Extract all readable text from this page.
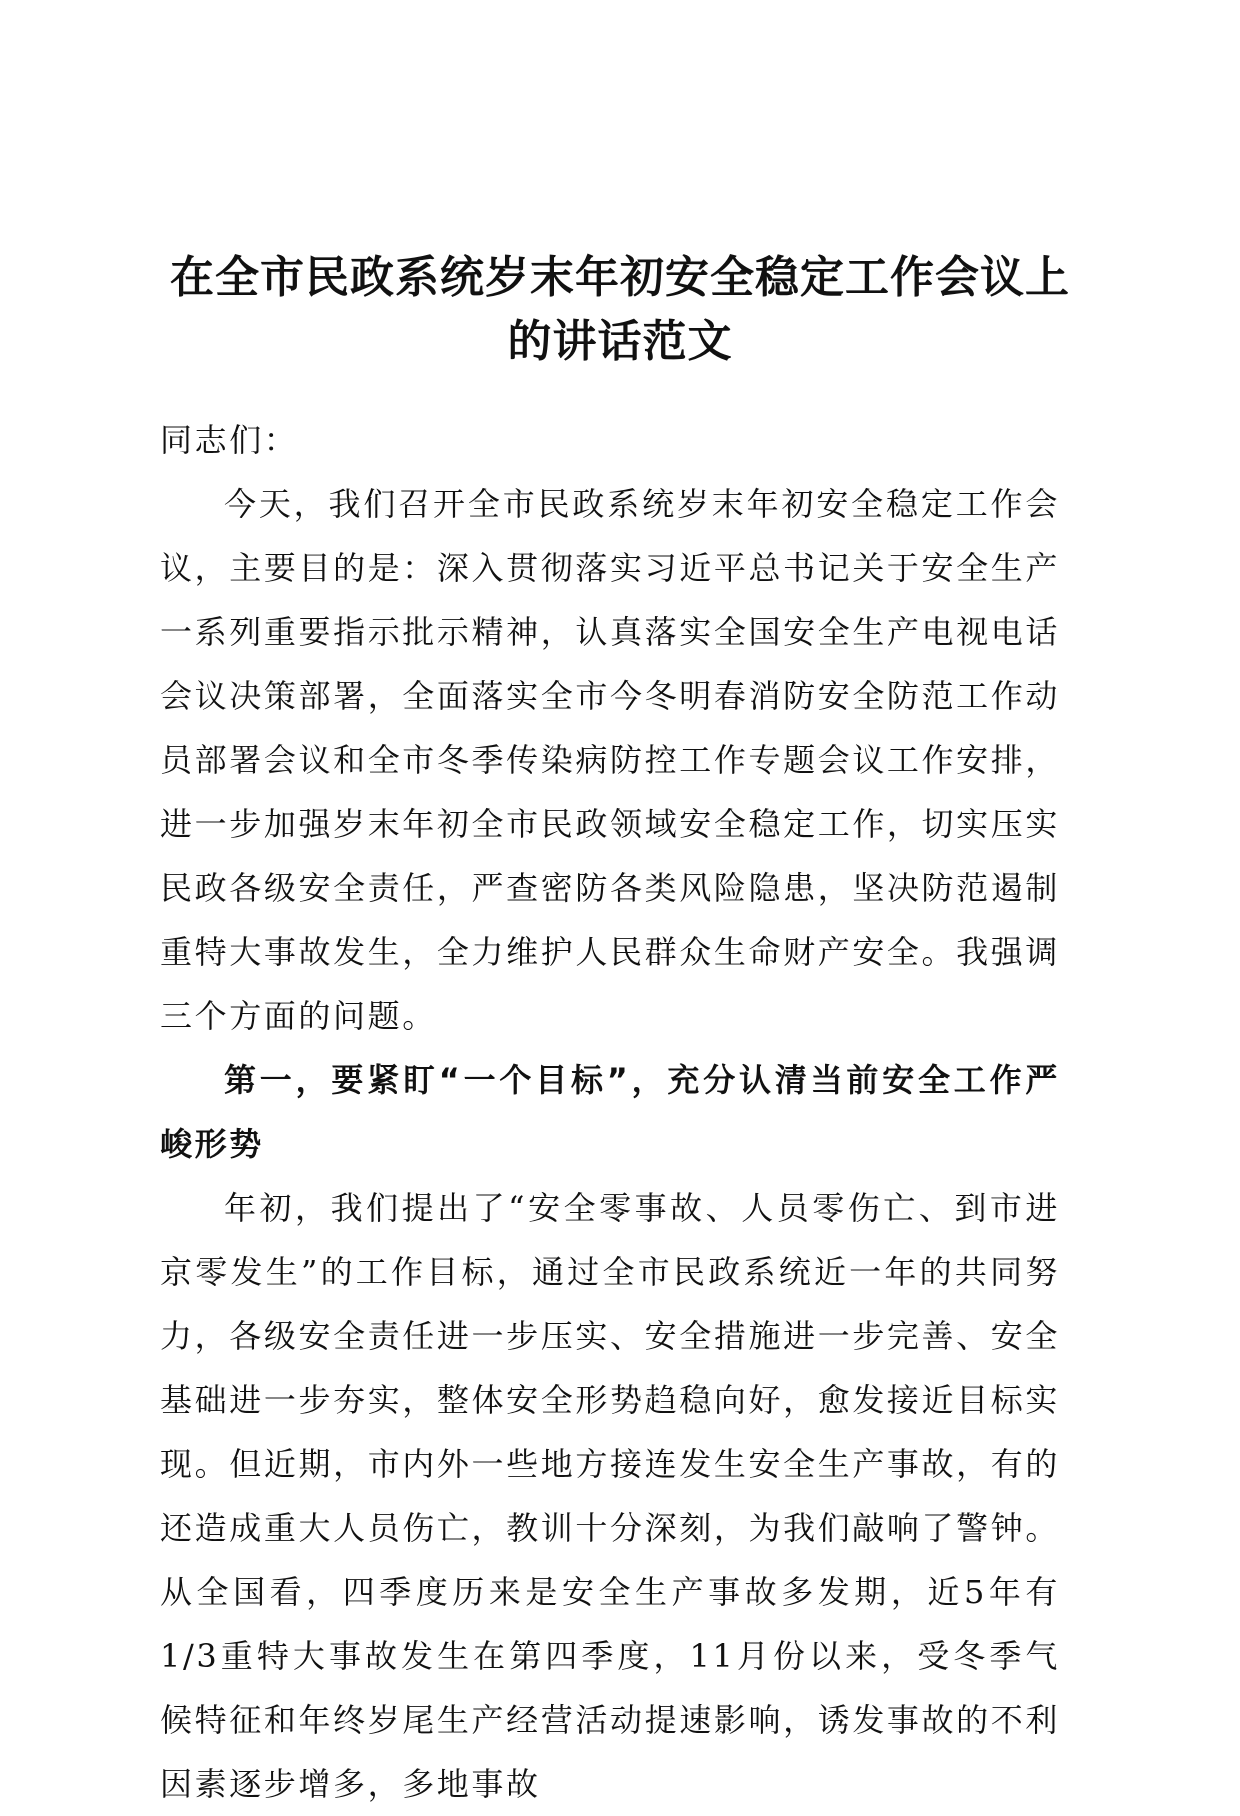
在全市民政系统岁末年初安全稳定工作会议上
的讲话范文

同志们：

今天，我们召开全市民政系统岁末年初安全稳定工作会议，主要目的是：深入贯彻落实习近平总书记关于安全生产一系列重要指示批示精神，认真落实全国安全生产电视电话会议决策部署，全面落实全市今冬明春消防安全防范工作动员部署会议和全市冬季传染病防控工作专题会议工作安排，进一步加强岁末年初全市民政领域安全稳定工作，切实压实民政各级安全责任，严查密防各类风险隐患，坚决防范遏制重特大事故发生，全力维护人民群众生命财产安全。我强调三个方面的问题。

第一，要紧盯“一个目标”，充分认清当前安全工作严峻形势

年初，我们提出了“安全零事故、人员零伤亡、到市进京零发生”的工作目标，通过全市民政系统近一年的共同努力，各级安全责任进一步压实、安全措施进一步完善、安全基础进一步夯实，整体安全形势趋稳向好，愈发接近目标实现。但近期，市内外一些地方接连发生安全生产事故，有的还造成重大人员伤亡，教训十分深刻，为我们敲响了警钟。从全国看，四季度历来是安全生产事故多发期，近5年有1/3重特大事故发生在第四季度，11月份以来，受冬季气候特征和年终岁尾生产经营活动提速影响，诱发事故的不利因素逐步增多，多地事故
